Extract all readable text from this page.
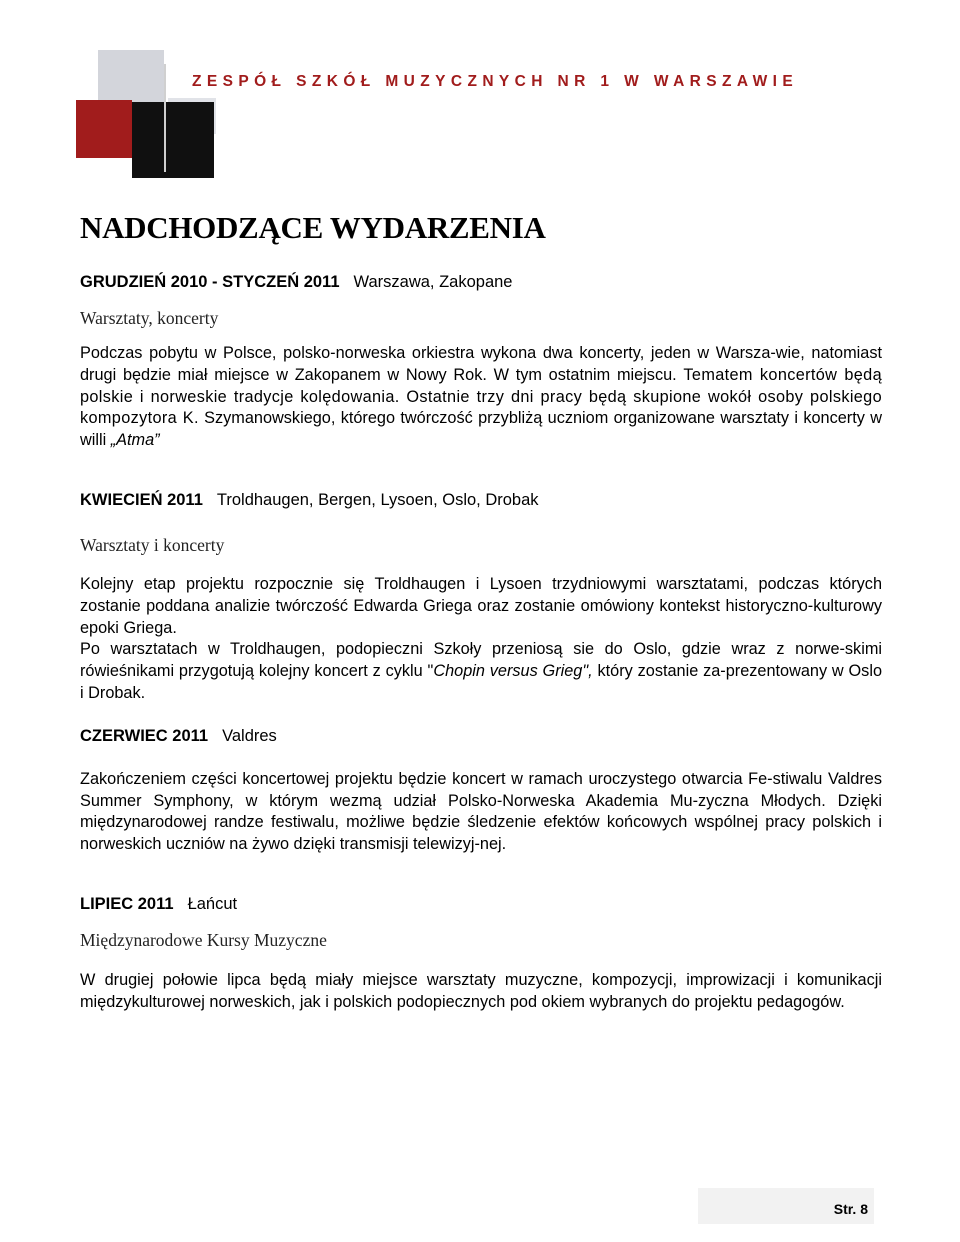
ZESPÓŁ SZKÓŁ MUZYCZNYCH NR 1 W WARSZAWIE
NADCHODZĄCE WYDARZENIA
GRUDZIEŃ 2010 - STYCZEŃ 2011 Warszawa, Zakopane
Warsztaty, koncerty

Podczas pobytu w Polsce, polsko-norweska orkiestra wykona dwa koncerty, jeden w Warsza-wie, natomiast drugi będzie miał miejsce w Zakopanem w Nowy Rok. W tym ostatnim miejscu. Tematem koncertów będą polskie i norweskie tradycje kolędowania. Ostatnie trzy dni pracy będą skupione wokół osoby polskiego kompozytora K. Szymanowskiego, którego twórczość przybliżą uczniom organizowane warsztaty i koncerty w willi „Atma”

KWIECIEŃ 2011 Troldhaugen, Bergen, Lysoen, Oslo, Drobak
Warsztaty i koncerty

Kolejny etap projektu rozpocznie się Troldhaugen i Lysoen trzydniowymi warsztatami, podczas których zostanie poddana analizie twórczość Edwarda Griega oraz zostanie omówiony kontekst historyczno-kulturowy epoki Griega.

Po warsztatach w Troldhaugen, podopieczni Szkoły przeniosą sie do Oslo, gdzie wraz z norwe-skimi rówieśnikami przygotują kolejny koncert z cyklu "Chopin versus Grieg", który zostanie za-prezentowany w Oslo i Drobak.

CZERWIEC 2011 Valdres

Zakończeniem części koncertowej projektu będzie koncert w ramach uroczystego otwarcia Fe-stiwalu Valdres Summer Symphony, w którym wezmą udział Polsko-Norweska Akademia Mu-zyczna Młodych. Dzięki międzynarodowej randze festiwalu, możliwe będzie śledzenie efektów końcowych wspólnej pracy polskich i norweskich uczniów na żywo dzięki transmisji telewizyj-nej.

LIPIEC 2011 Łańcut
Międzynarodowe Kursy Muzyczne

W drugiej połowie lipca będą miały miejsce warsztaty muzyczne, kompozycji, improwizacji i komunikacji międzykulturowej norweskich, jak i polskich podopiecznych pod okiem wybranych do projektu pedagogów.

Str. 8
